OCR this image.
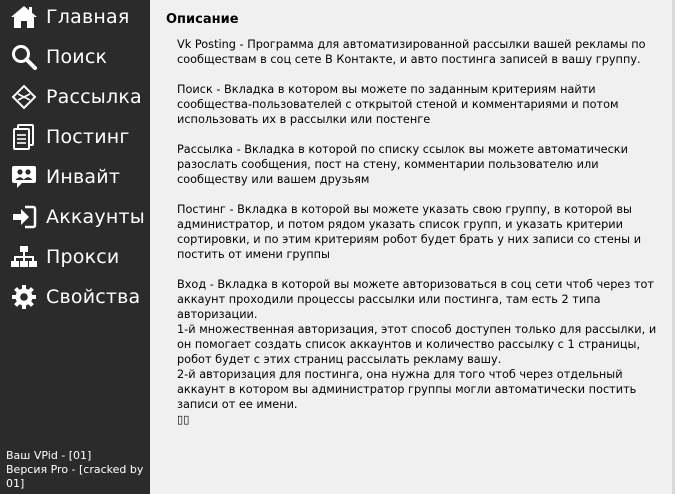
Главная
Поиск
Рассылка
Постинг
Инвайт
Аккаунты
Прокси
Свойства
Ваш VPid - [01]
Версия Pro - [cracked by 01]
Описание

Vk Posting - Программа для автоматизированной рассылки вашей рекламы по сообществам в соц сете В Контакте, и авто постинга записей в вашу группу.

Поиск - Вкладка в котором вы можете по заданным критериям найти сообщества-пользователей с открытой стеной и комментариями и потом использовать их в рассылки или постенге

Рассылка - Вкладка в которой по списку ссылок вы можете автоматически разослать сообщения, пост на стену, комментарии пользователю или сообществу или вашем друзьям

Постинг - Вкладка в которой вы можете указать свою группу, в которой вы администратор, и потом рядом указать список групп, и указать критерии сортировки, и по этим критериям робот будет брать у них записи со стены и постить от имени группы

Вход - Вкладка в которой вы можете авторизоваться в соц сети чтоб через тот аккаунт проходили процессы рассылки или постинга, там есть 2 типа авторизации.
1-й множественная авторизация, этот способ доступен только для рассылки, и он помогает создать список аккаунтов и количество рассылку с 1 страницы, робот будет с этих страниц рассылать рекламу вашу.
2-й авторизация для постинга, она нужна для того чтоб через отдельный аккаунт в котором вы администратор группы могли автоматически постить записи от ее имени.
▯▯
